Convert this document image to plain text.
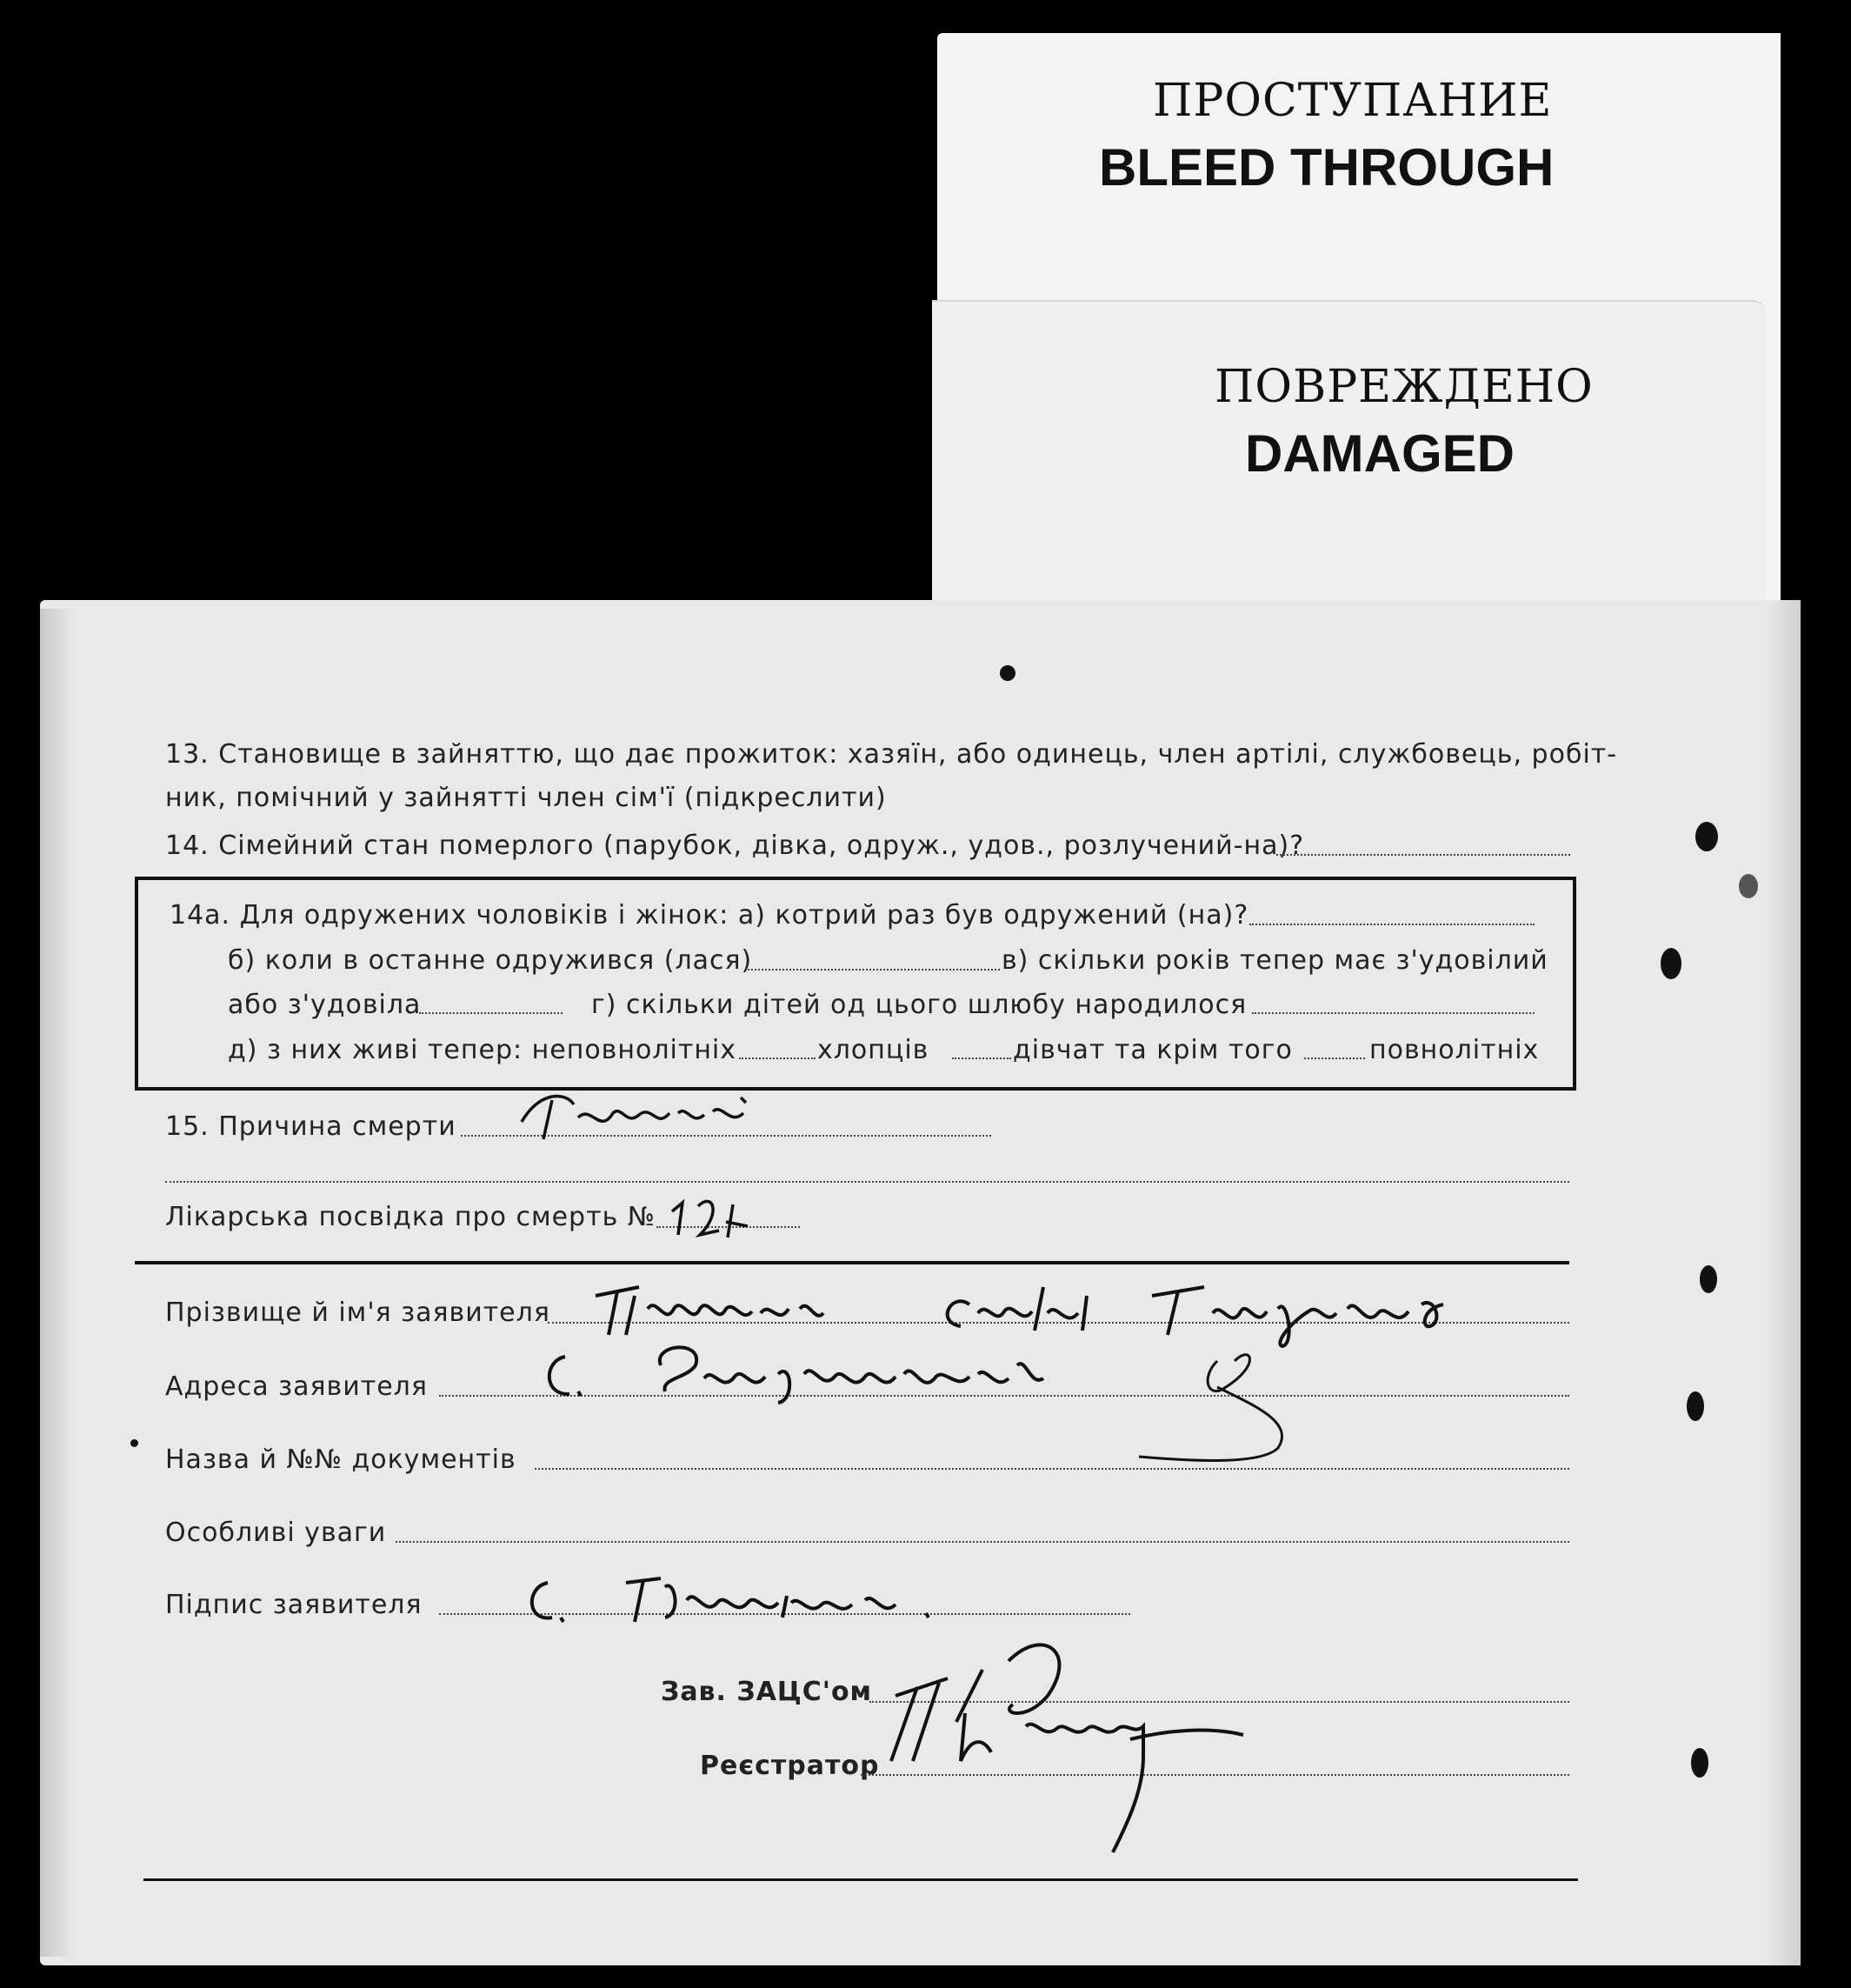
ПРОСТУПАНИЕ
BLEED THROUGH
ПОВРЕЖДЕНО
DAMAGED
13. Становище в зайняттю, що дає прожиток: хазяїн, або одинець, член артілі, службовець, робіт-
ник, помічний у зайнятті член сім'ї (підкреслити)
14. Сімейний стан померлого (парубок, дівка, одруж., удов., розлучений-на)?
14а. Для одружених чоловіків і жінок: а) котрий раз був одружений (на)?
б) коли в останне одружився (лася)	в) скільки років тепер має з'удовілий
або з'удовіла	г) скільки дітей од цього шлюбу народилося
д) з них живі тепер: неповнолітніх	хлопців	дівчат та крім того	повнолітніх
15. Причина смерти
Лікарська посвідка про смерть №
Прізвище й ім'я заявителя
Адреса заявителя
Назва й №№ документів
Особливі уваги
Підпис заявителя
Зав. ЗАЦС'ом
Реєстратор
